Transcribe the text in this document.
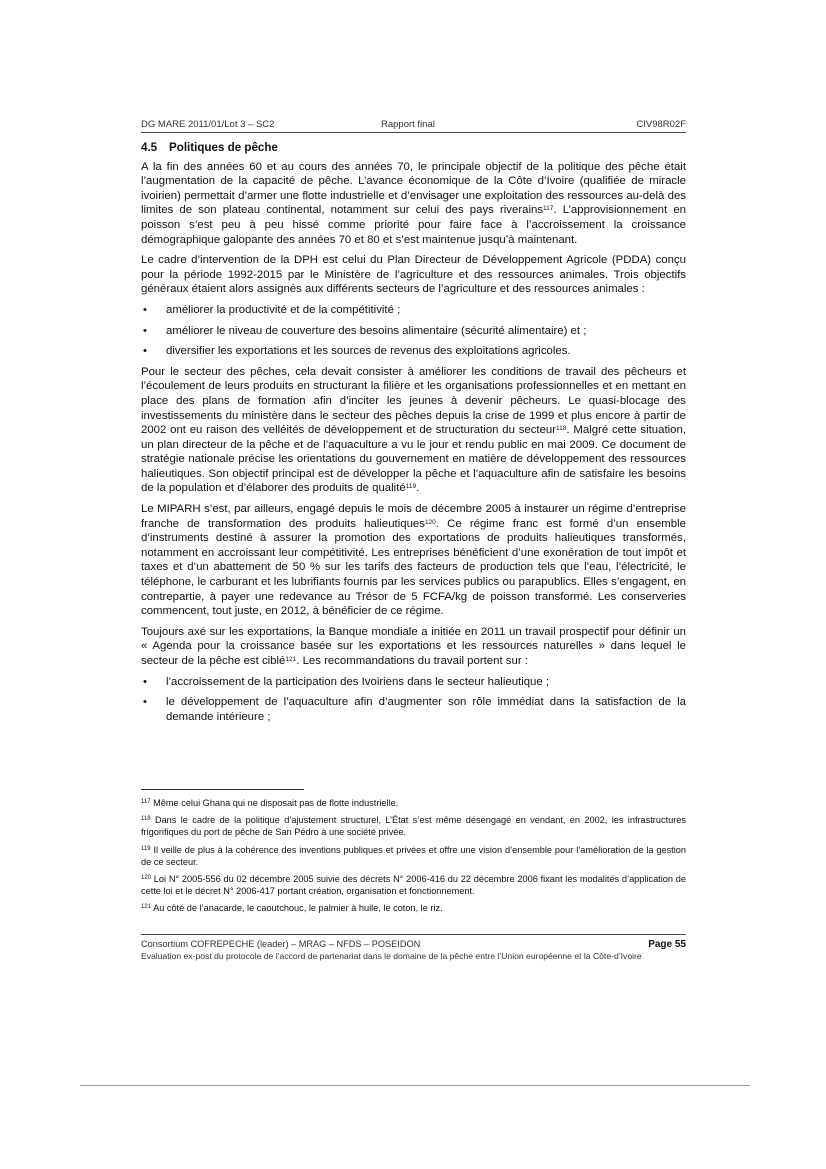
DG MARE 2011/01/Lot 3 – SC2	Rapport final	CIV98R02F
4.5 Politiques de pêche

A la fin des années 60 et au cours des années 70, le principale objectif de la politique des pêche était l’augmentation de la capacité de pêche. L’avance économique de la Côte d’Ivoire (qualifiée de miracle ivoirien) permettait d’armer une flotte industrielle et d’envisager une exploitation des ressources au-delà des limites de son plateau continental, notamment sur celui des pays riverains$^{117}$. L’approvisionnement en poisson s’est peu à peu hissé comme priorité pour faire face à l’accroissement la croissance démographique galopante des années 70 et 80 et s’est maintenue jusqu’à maintenant.

Le cadre d’intervention de la DPH est celui du Plan Directeur de Développement Agricole (PDDA) conçu pour la période 1992-2015 par le Ministère de l’agriculture et des ressources animales. Trois objectifs généraux étaient alors assignés aux différents secteurs de l’agriculture et des ressources animales :

• améliorer la productivité et de la compétitivité ;
• améliorer le niveau de couverture des besoins alimentaire (sécurité alimentaire) et ;
• diversifier les exportations et les sources de revenus des exploitations agricoles.

Pour le secteur des pêches, cela devait consister à améliorer les conditions de travail des pêcheurs et l’écoulement de leurs produits en structurant la filière et les organisations professionnelles et en mettant en place des plans de formation afin d’inciter les jeunes à devenir pêcheurs. Le quasi-blocage des investissements du ministère dans le secteur des pêches depuis la crise de 1999 et plus encore à partir de 2002 ont eu raison des velléités de développement et de structuration du secteur$^{118}$. Malgré cette situation, un plan directeur de la pêche et de l’aquaculture a vu le jour et rendu public en mai 2009. Ce document de stratégie nationale précise les orientations du gouvernement en matière de développement des ressources halieutiques. Son objectif principal est de développer la pêche et l’aquaculture afin de satisfaire les besoins de la population et d’élaborer des produits de qualité$^{119}$.

Le MIPARH s’est, par ailleurs, engagé depuis le mois de décembre 2005 à instaurer un régime d’entreprise franche de transformation des produits halieutiques$^{120}$. Ce régime franc est formé d’un ensemble d’instruments destiné à assurer la promotion des exportations de produits halieutiques transformés, notamment en accroissant leur compétitivité. Les entreprises bénéficient d’une exonération de tout impôt et taxes et d’un abattement de 50 % sur les tarifs des facteurs de production tels que l’eau, l’électricité, le téléphone, le carburant et les lubrifiants fournis par les services publics ou parapublics. Elles s’engagent, en contrepartie, à payer une redevance au Trésor de 5 FCFA/kg de poisson transformé. Les conserveries commencent, tout juste, en 2012, à bénéficier de ce régime.

Toujours axé sur les exportations, la Banque mondiale a initiée en 2011 un travail prospectif pour définir un « Agenda pour la croissance basée sur les exportations et les ressources naturelles » dans lequel le secteur de la pêche est ciblé$^{121}$. Les recommandations du travail portent sur :

• l’accroissement de la participation des Ivoiriens dans le secteur halieutique ;
• le développement de l’aquaculture afin d’augmenter son rôle immédiat dans la satisfaction de la demande intérieure ;
$^{117}$ Même celui Ghana qui ne disposait pas de flotte industrielle.
$^{118}$ Dans le cadre de la politique d’ajustement structurel, L’État s’est même désengagé en vendant, en 2002, les infrastructures frigorifiques du port de pêche de San Pédro à une société privée.
$^{119}$ Il veille de plus à la cohérence des inventions publiques et privées et offre une vision d’ensemble pour l’amélioration de la gestion de ce secteur.
$^{120}$ Loi N° 2005-556 du 02 décembre 2005 suivie des décrets N° 2006-416 du 22 décembre 2006 fixant les modalités d’application de cette loi et le décret N° 2006-417 portant création, organisation et fonctionnement.
$^{121}$ Au côté de l’anacarde, le caoutchouc, le palmier à huile, le coton, le riz.
Consortium COFREPECHE (leader) – MRAG – NFDS – POSEIDON	Page 55
Evaluation ex-post du protocole de l’accord de partenariat dans le domaine de la pêche entre l’Union européenne et la Côte-d’Ivoire
